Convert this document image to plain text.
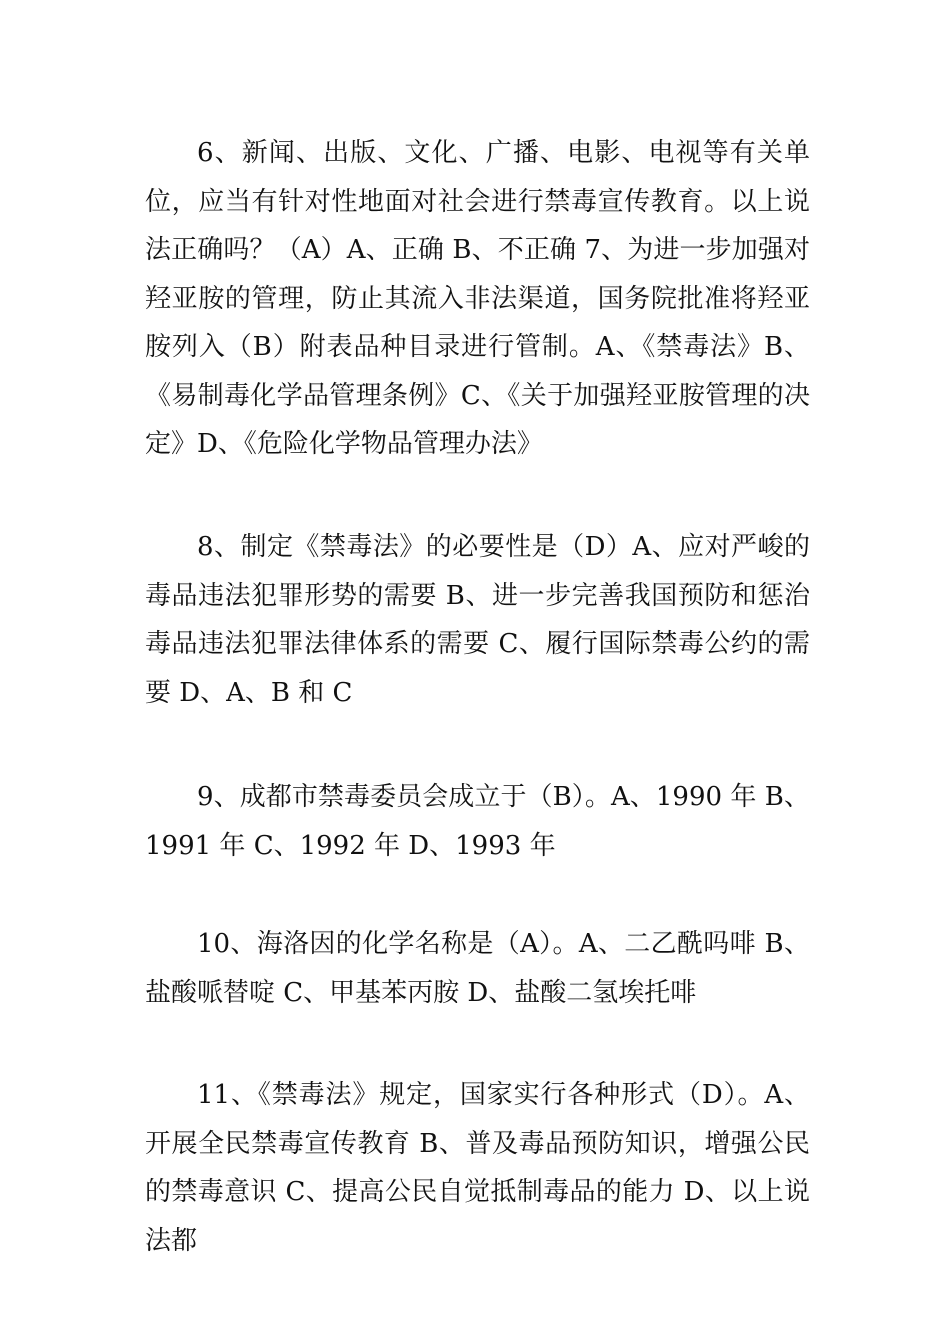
6、新闻、出版、文化、广播、电影、电视等有关单位，应当有针对性地面对社会进行禁毒宣传教育。以上说法正确吗？（A）A、正确 B、不正确 7、为进一步加强对羟亚胺的管理，防止其流入非法渠道，国务院批准将羟亚胺列入（B）附表品种目录进行管制。A、《禁毒法》B、《易制毒化学品管理条例》C、《关于加强羟亚胺管理的决定》D、《危险化学物品管理办法》

8、制定《禁毒法》的必要性是（D）A、应对严峻的毒品违法犯罪形势的需要 B、进一步完善我国预防和惩治毒品违法犯罪法律体系的需要 C、履行国际禁毒公约的需要 D、A、B 和 C

9、成都市禁毒委员会成立于（B）。A、1990 年 B、1991 年 C、1992 年 D、1993 年

10、海洛因的化学名称是（A）。A、二乙酰吗啡 B、盐酸哌替啶 C、甲基苯丙胺 D、盐酸二氢埃托啡

11、《禁毒法》规定，国家实行各种形式（D）。A、开展全民禁毒宣传教育 B、普及毒品预防知识，增强公民的禁毒意识 C、提高公民自觉抵制毒品的能力 D、以上说法都
